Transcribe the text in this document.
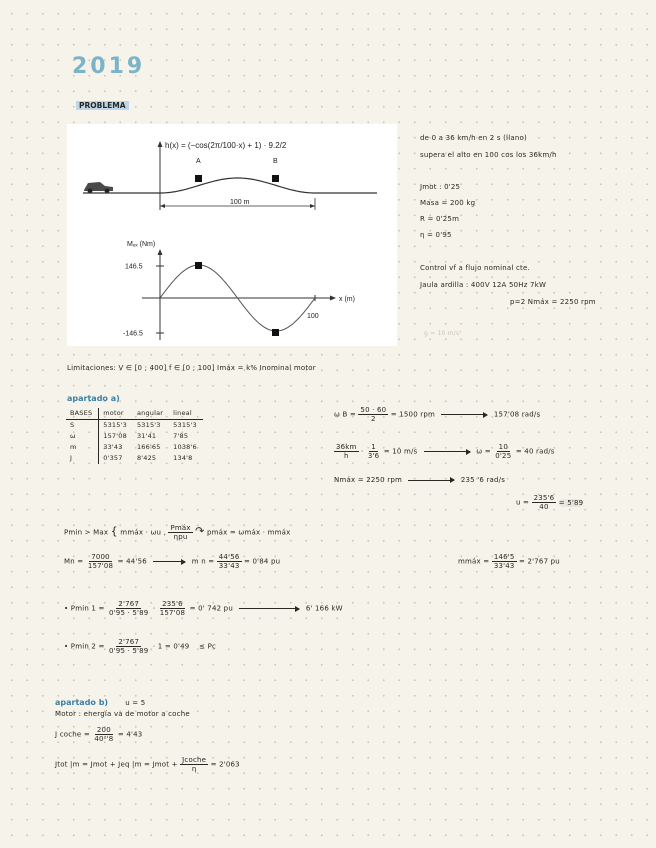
2019
PROBLEMA
h(x) = (−cos(2π/100·x) + 1) · 9.2/2
A	B
100 m
Mₑₓ (Nm)
146.5
-146.5
x (m)
100
de 0 a 36 km/h en 2 s (llano)
supera el alto en 100 cos los 36km/h
Jmot : 0'25
Masa = 200 kg
R = 0'25m
η = 0'95
Control vf a flujo nominal cte.
Jaula ardilla : 400V 12A 50Hz 7kW
p=2 Nmáx = 2250 rpm
g = 10 m/s²
Limitaciones: V ∈ [0 ; 400] f ∈ [0 ; 100] Imáx = k% Inominal motor
apartado a)
BASES	motor	angular	lineal
S	5315'3	5315'3	5315'3
ω	157'08	31'41	7'85
m	33'43	166'65	1038'6
J	0'357	8'425	134'8
ω $B = \frac{50 \cdot 60}{2} = 1500$ rpm	157'08 rad/s
$\frac{36km}{h} \cdot \frac{1}{3'6} = 10$ m/s	$\omega = \frac{10}{0'25} = 40$ rad/s
Nmáx = 2250 rpm	235 '6 rad/s
$u = \frac{235'6}{40} = 5'89$
Pmin > Max { mmáx · ωu , $\frac{\text{Pmáx}}{\text{ηpu}}$ ↷ pmáx = ωmáx · mmáx
$Mn = \frac{7000}{157'08} = 44'56$	m $n = \frac{44'56}{33'43} = 0'84$ pu	mmáx = $\frac{146'5}{33'43} = 2'767$ pu
• Pmin $1 = \frac{2'767}{0'95 \cdot 5'89} \cdot \frac{235'6}{157'08} = 0'$ 742 pu	6' 166 kW
• Pmin $2 = \frac{2'767}{0'95 \cdot 5'89} \cdot 1 = 0'49 \le Pc$
apartado b) u = 5
Motor : energía va de motor a coche
J coche = $\frac{200}{\text{40²'8}} = 4'43$
Jtot |m = Jmot + Jeq |m = Jmot + $\frac{\text{Jcoche}}{\eta} = 2'063$
